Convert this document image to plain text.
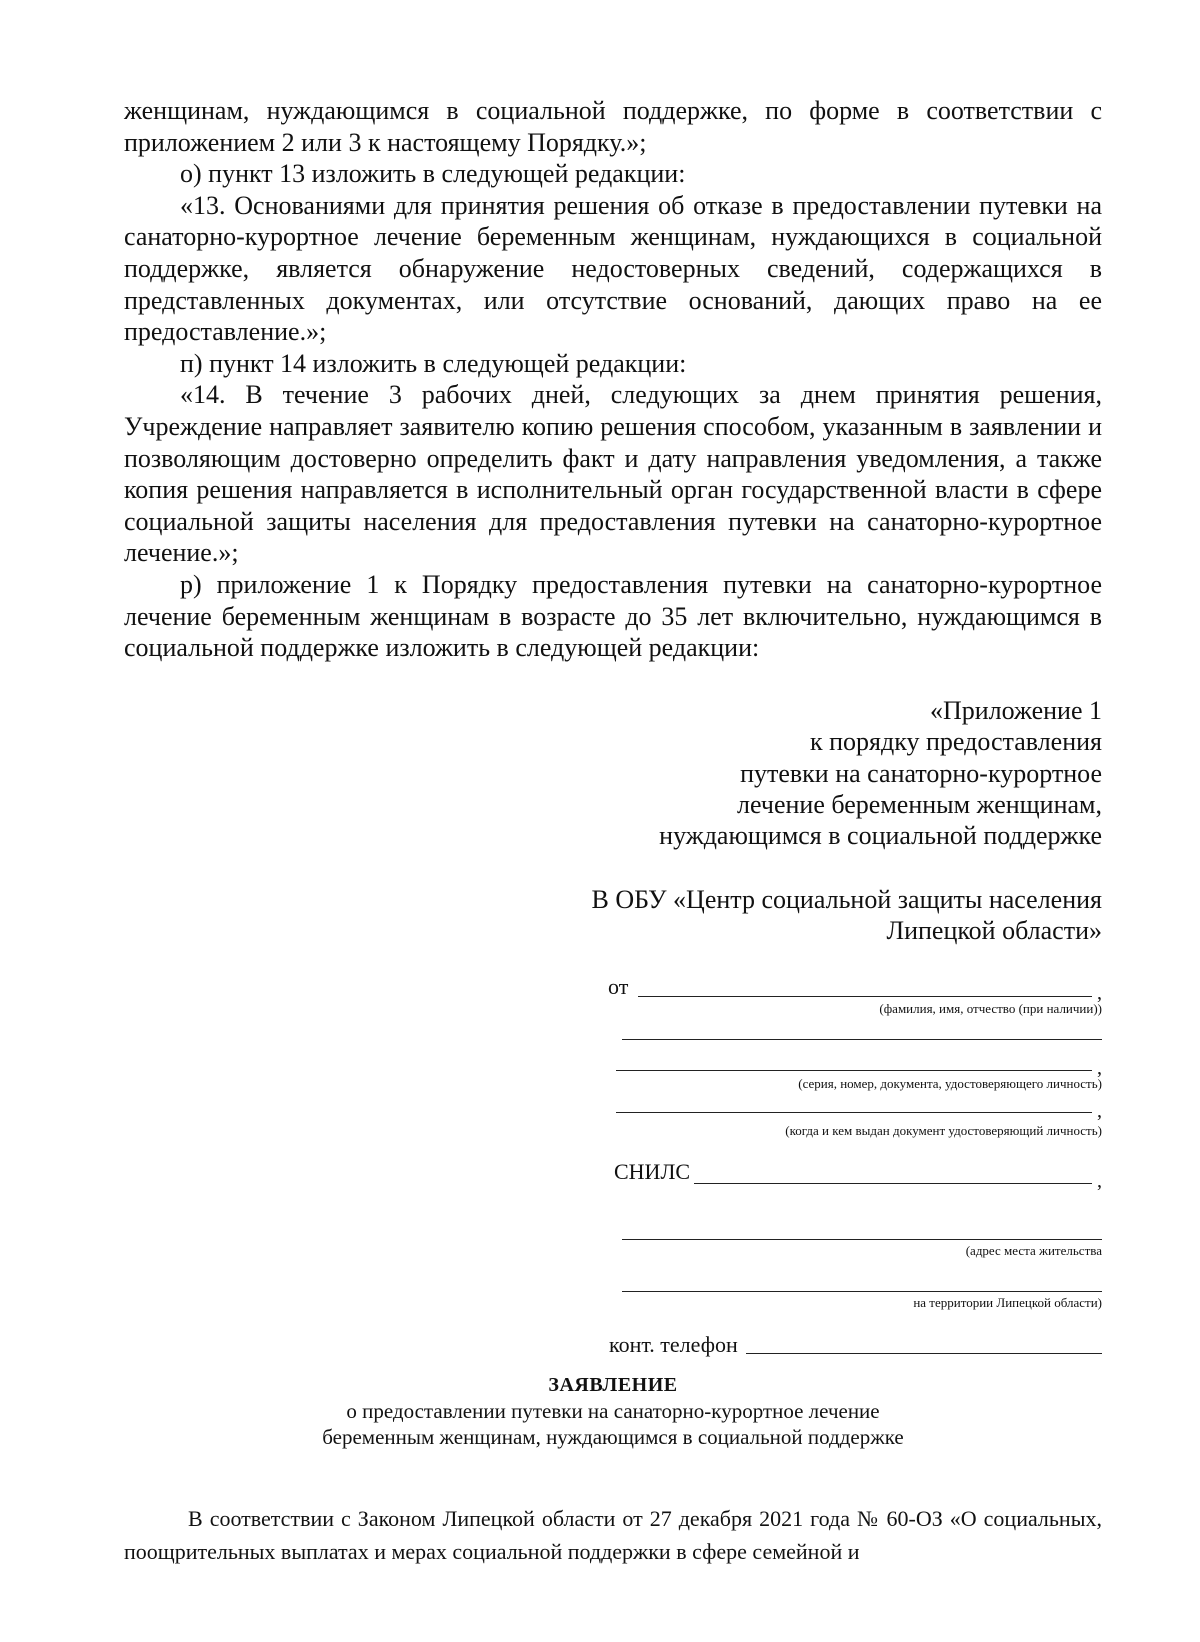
женщинам, нуждающимся в социальной поддержке, по форме в соответствии с приложением 2 или 3 к настоящему Порядку.»;

о) пункт 13 изложить в следующей редакции:

«13. Основаниями для принятия решения об отказе в предоставлении путевки на санаторно-курортное лечение беременным женщинам, нуждающихся в социальной поддержке, является обнаружение недостоверных сведений, содержащихся в представленных документах, или отсутствие оснований, дающих право на ее предоставление.»;

п) пункт 14 изложить в следующей редакции:

«14. В течение 3 рабочих дней, следующих за днем принятия решения, Учреждение направляет заявителю копию решения способом, указанным в заявлении и позволяющим достоверно определить факт и дату направления уведомления, а также копия решения направляется в исполнительный орган государственной власти в сфере социальной защиты населения для предоставления путевки на санаторно-курортное лечение.»;

р) приложение 1 к Порядку предоставления путевки на санаторно-курортное лечение беременным женщинам в возрасте до 35 лет включительно, нуждающимся в социальной поддержке изложить в следующей редакции:

«Приложение 1
к порядку предоставления
путевки на санаторно-курортное
лечение беременным женщинам,
нуждающимся в социальной поддержке
В ОБУ «Центр социальной защиты населения
Липецкой области»
от	,
(фамилия, имя, отчество (при наличии))
,
(серия, номер, документа, удостоверяющего личность)
,
(когда и кем выдан документ удостоверяющий личность)
СНИЛС	,
(адрес места жительства
на территории Липецкой области)
конт. телефон
ЗАЯВЛЕНИЕ
о предоставлении путевки на санаторно-курортное лечение
беременным женщинам, нуждающимся в социальной поддержке
В соответствии с Законом Липецкой области от 27 декабря 2021 года № 60-ОЗ «О социальных, поощрительных выплатах и мерах социальной поддержки в сфере семейной и
